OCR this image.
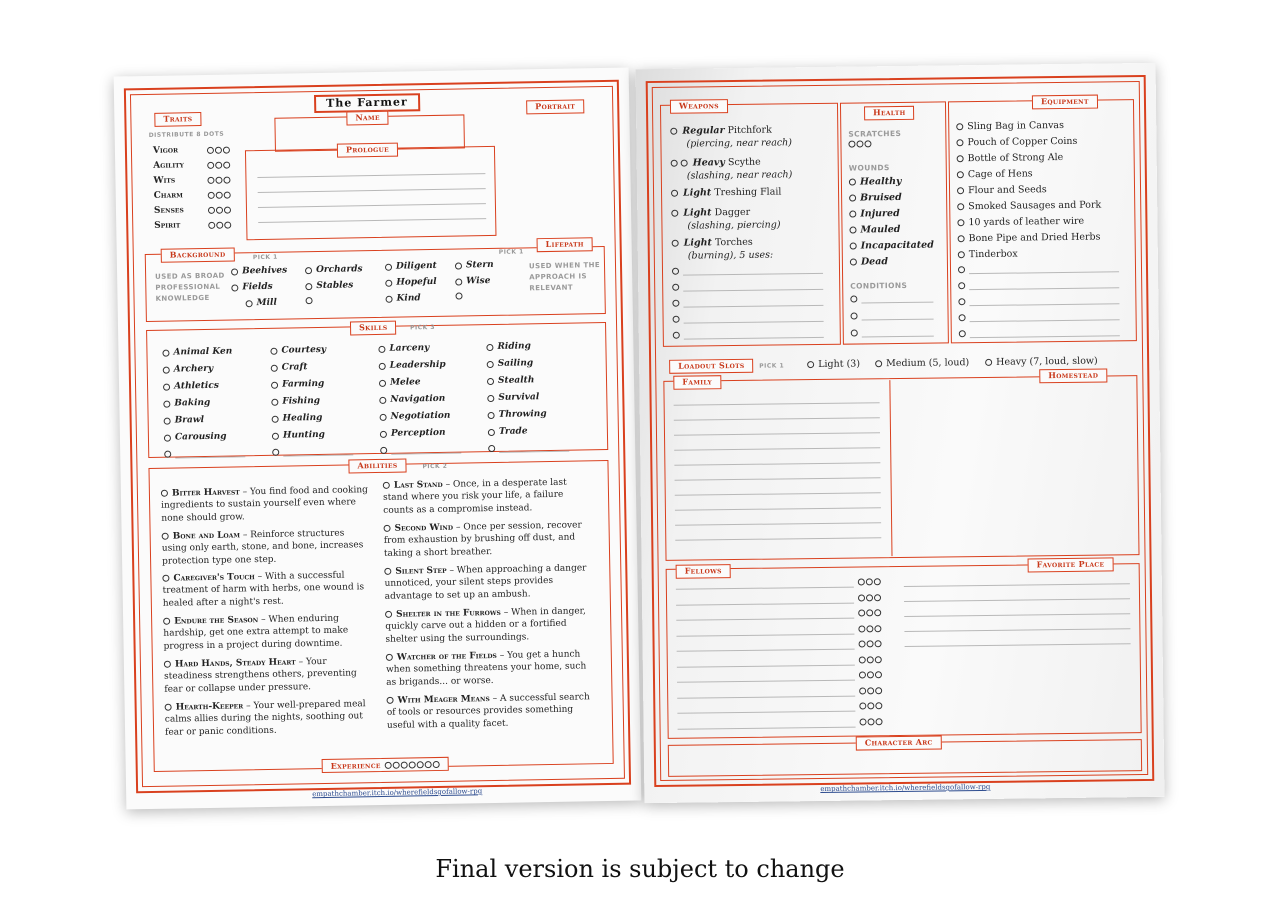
The Farmer
Traits
DISTRIBUTE 8 DOTS
Name
Portrait
Prologue
Background	PICK 1
USED AS BROAD PROFESSIONAL KNOWLEDGE
Lifepath
PICK 1
USED WHEN THE APPROACH IS RELEVANT
Skills	PICK 3
Abilities	PICK 2
Experience
empathchamber.itch.io/wherefieldsgofallow-rpg
Vigor
Agility
Wits
Charm
Senses
Spirit
Beehives
Fields
Mill
Orchards
Stables
Diligent
Hopeful
Kind
Stern
Wise
Animal Ken
Archery
Athletics
Baking
Brawl
Carousing
Courtesy
Craft
Farming
Fishing
Healing
Hunting
Larceny
Leadership
Melee
Navigation
Negotiation
Perception
Riding
Sailing
Stealth
Survival
Throwing
Trade
Bitter Harvest – You find food and cooking ingredients to sustain yourself even where none should grow.
Bone and Loam – Reinforce structures using only earth, stone, and bone, increases protection type one step.
Caregiver's Touch – With a successful treatment of harm with herbs, one wound is healed after a night's rest.
Endure the Season – When enduring hardship, get one extra attempt to make progress in a project during downtime.
Hard Hands, Steady Heart – Your steadiness strengthens others, preventing fear or collapse under pressure.
Hearth-Keeper – Your well-prepared meal calms allies during the nights, soothing out fear or panic conditions.
Last Stand – Once, in a desperate last stand where you risk your life, a failure counts as a compromise instead.
Second Wind – Once per session, recover from exhaustion by brushing off dust, and taking a short breather.
Silent Step – When approaching a danger unnoticed, your silent steps provides advantage to set up an ambush.
Shelter in the Furrows – When in danger, quickly carve out a hidden or a fortified shelter using the surroundings.
Watcher of the Fields – You get a hunch when something threatens your home, such as brigands... or worse.
With Meager Means – A successful search of tools or resources provides something useful with a quality facet.
Weapons
Health
SCRATCHES
WOUNDS
CONDITIONS
Equipment
Loadout Slots	PICK 1
Family
Homestead
Fellows
Favorite Place
Character Arc
empathchamber.itch.io/wherefieldsgofallow-rpg
Regular Pitchfork
(piercing, near reach)
Heavy Scythe
(slashing, near reach)
Light Treshing Flail
Light Dagger
(slashing, piercing)
Light Torches
(burning), 5 uses:
Healthy
Bruised
Injured
Mauled
Incapacitated
Dead
Sling Bag in Canvas
Pouch of Copper Coins
Bottle of Strong Ale
Cage of Hens
Flour and Seeds
Smoked Sausages and Pork
10 yards of leather wire
Bone Pipe and Dried Herbs
Tinderbox
Light (3)	Medium (5, loud)	Heavy (7, loud, slow)
Final version is subject to change
